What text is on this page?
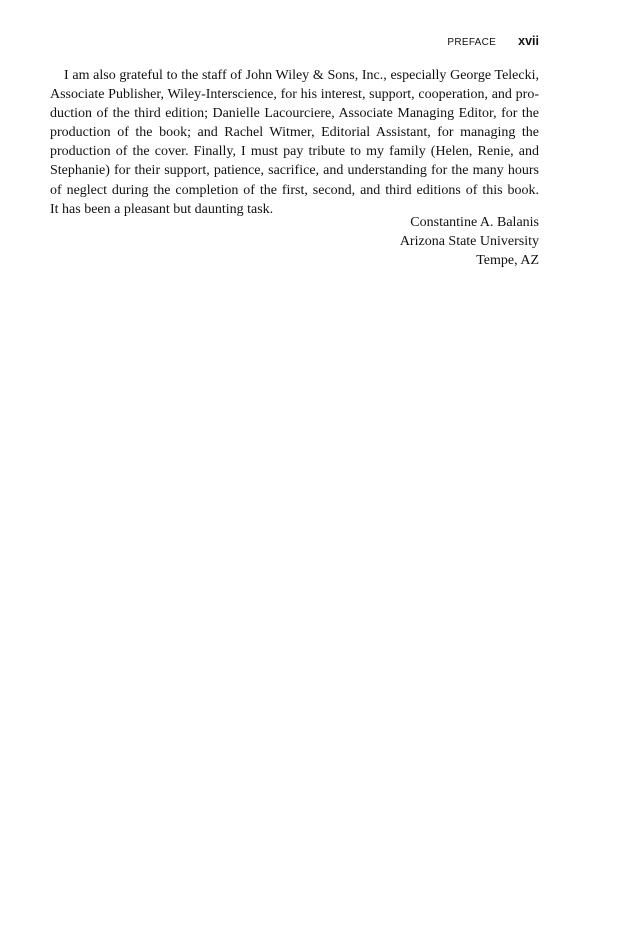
PREFACE xvii

I am also grateful to the staff of John Wiley & Sons, Inc., especially George Telecki,
Associate Publisher, Wiley-Interscience, for his interest, support, cooperation, and pro-
duction of the third edition; Danielle Lacourciere, Associate Managing Editor, for the
production of the book; and Rachel Witmer, Editorial Assistant, for managing the
production of the cover. Finally, I must pay tribute to my family (Helen, Renie, and
Stephanie) for their support, patience, sacrifice, and understanding for the many hours
of neglect during the completion of the first, second, and third editions of this book.
It has been a pleasant but daunting task.

Constantine A. Balanis
Arizona State University
Tempe, AZ
